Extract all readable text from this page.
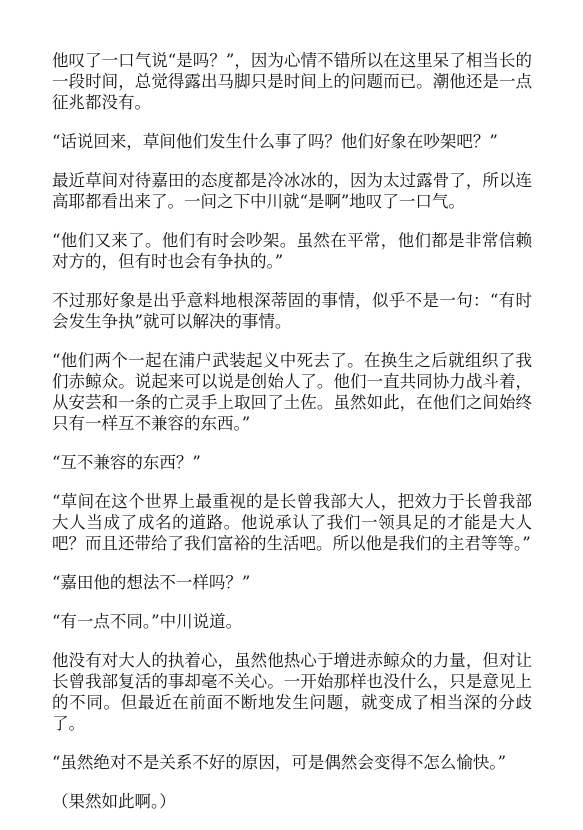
他叹了一口气说“是吗？”，因为心情不错所以在这里呆了相当长的一段时间，总觉得露出马脚只是时间上的问题而已。潮他还是一点征兆都没有。

“话说回来，草间他们发生什么事了吗？他们好象在吵架吧？”

最近草间对待嘉田的态度都是冷冰冰的，因为太过露骨了，所以连高耶都看出来了。一问之下中川就“是啊”地叹了一口气。

“他们又来了。他们有时会吵架。虽然在平常，他们都是非常信赖对方的，但有时也会有争执的。”

不过那好象是出乎意料地根深蒂固的事情，似乎不是一句：“有时会发生争执”就可以解决的事情。

“他们两个一起在浦户武装起义中死去了。在换生之后就组织了我们赤鲸众。说起来可以说是创始人了。他们一直共同协力战斗着，从安芸和一条的亡灵手上取回了土佐。虽然如此，在他们之间始终只有一样互不兼容的东西。”

“互不兼容的东西？”

“草间在这个世界上最重视的是长曾我部大人，把效力于长曾我部大人当成了成名的道路。他说承认了我们一领具足的才能是大人吧？而且还带给了我们富裕的生活吧。所以他是我们的主君等等。”

“嘉田他的想法不一样吗？”

“有一点不同。”中川说道。

他没有对大人的执着心，虽然他热心于增进赤鲸众的力量，但对让长曾我部复活的事却毫不关心。一开始那样也没什么，只是意见上的不同。但最近在前面不断地发生问题，就变成了相当深的分歧了。

“虽然绝对不是关系不好的原因，可是偶然会变得不怎么愉快。”

（果然如此啊。）
